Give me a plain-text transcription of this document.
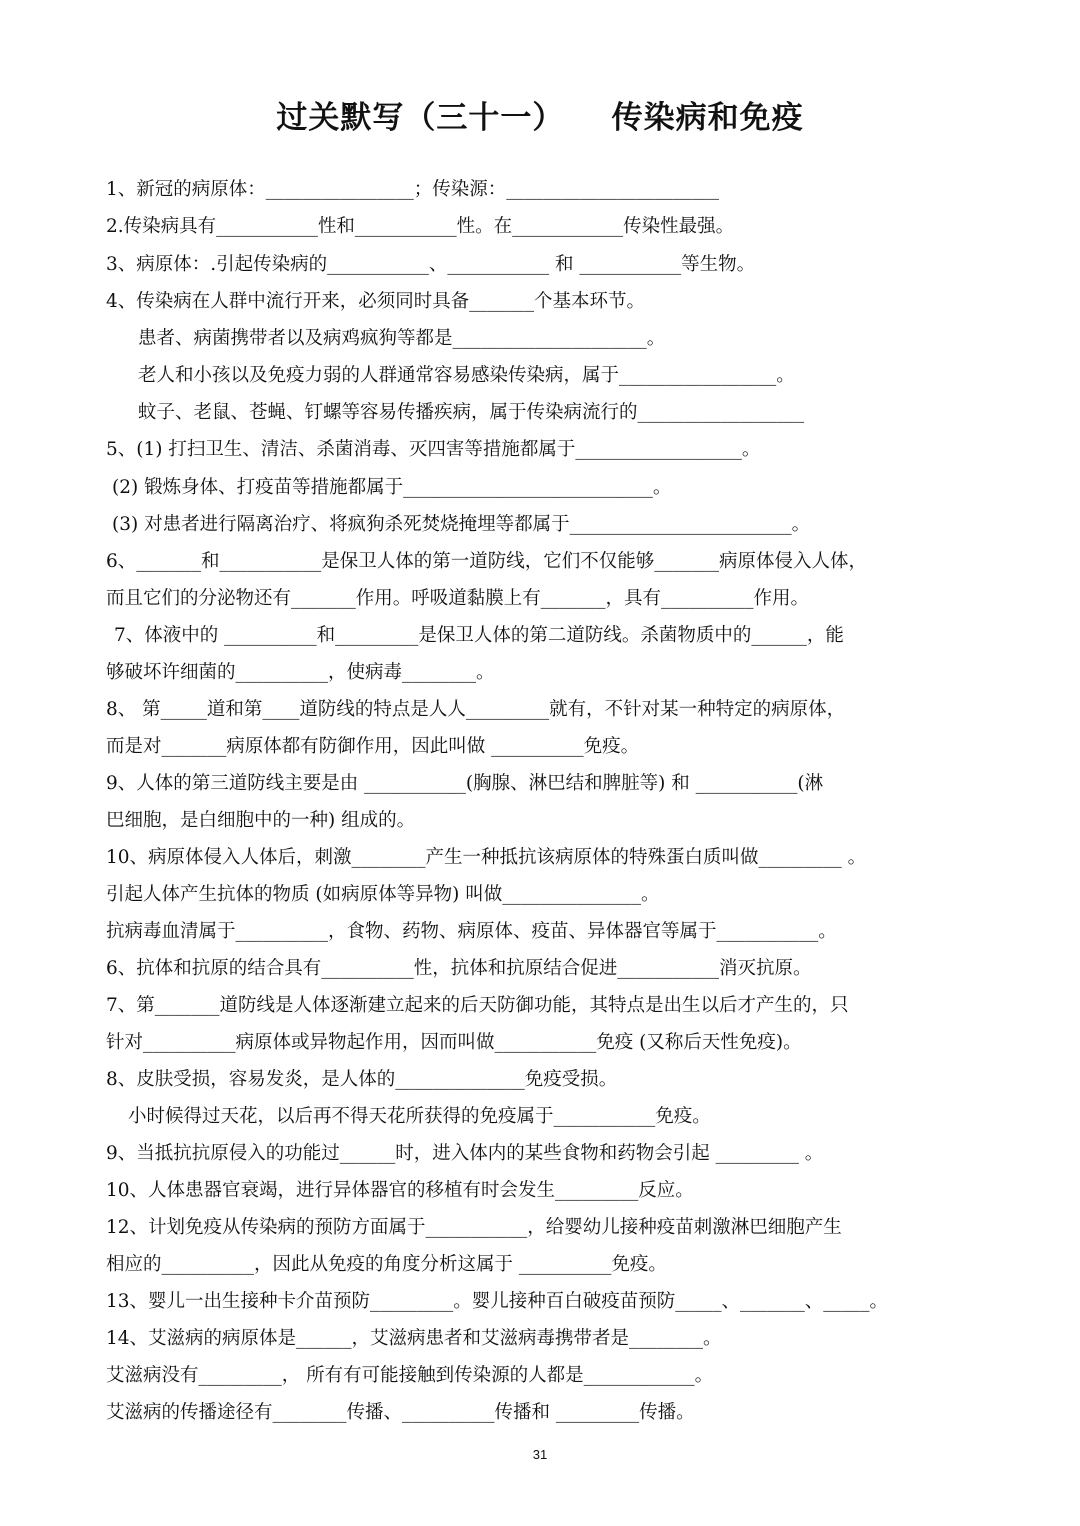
过关默写（三十一）    传染病和免疫
1、新冠的病原体：________________；传染源：_______________________
2.传染病具有___________性和___________性。在____________传染性最强。
3、病原体：.引起传染病的___________、___________ 和 ___________等生物。
4、传染病在人群中流行开来，必须同时具备_______个基本环节。
患者、病菌携带者以及病鸡疯狗等都是_____________________。
老人和小孩以及免疫力弱的人群通常容易感染传染病，属于_________________。
蚊子、老鼠、苍蝇、钉螺等容易传播疾病，属于传染病流行的__________________
5、(1) 打扫卫生、清洁、杀菌消毒、灭四害等措施都属于__________________。
(2) 锻炼身体、打疫苗等措施都属于___________________________。
(3) 对患者进行隔离治疗、将疯狗杀死焚烧掩埋等都属于________________________。
6、_______和___________是保卫人体的第一道防线，它们不仅能够_______病原体侵入人体，
而且它们的分泌物还有_______作用。呼吸道黏膜上有_______，具有__________作用。
7、体液中的 __________和_________是保卫人体的第二道防线。杀菌物质中的______，能
够破坏许细菌的__________，使病毒________。
8、 第_____道和第____道防线的特点是人人_________就有，不针对某一种特定的病原体，
而是对_______病原体都有防御作用，因此叫做 __________免疫。
9、人体的第三道防线主要是由 ___________(胸腺、淋巴结和脾脏等) 和 ___________(淋
巴细胞，是白细胞中的一种) 组成的。
10、病原体侵入人体后，刺激________产生一种抵抗该病原体的特殊蛋白质叫做_________ 。
引起人体产生抗体的物质 (如病原体等异物) 叫做_______________。
抗病毒血清属于__________，食物、药物、病原体、疫苗、异体器官等属于___________。
6、抗体和抗原的结合具有__________性，抗体和抗原结合促进___________消灭抗原。
7、第_______道防线是人体逐渐建立起来的后天防御功能，其特点是出生以后才产生的，只
针对__________病原体或异物起作用，因而叫做___________免疫 (又称后天性免疫)。
8、皮肤受损，容易发炎，是人体的______________免疫受损。
小时候得过天花，以后再不得天花所获得的免疫属于___________免疫。
9、当抵抗抗原侵入的功能过______时，进入体内的某些食物和药物会引起 _________ 。
10、人体患器官衰竭，进行异体器官的移植有时会发生_________反应。
12、计划免疫从传染病的预防方面属于___________，给婴幼儿接种疫苗刺激淋巴细胞产生
相应的__________，因此从免疫的角度分析这属于 __________免疫。
13、婴儿一出生接种卡介苗预防_________。婴儿接种百白破疫苗预防_____、_______、_____。
14、艾滋病的病原体是______，艾滋病患者和艾滋病毒携带者是________。
艾滋病没有_________， 所有有可能接触到传染源的人都是____________。
艾滋病的传播途径有________传播、__________传播和 _________传播。
31
